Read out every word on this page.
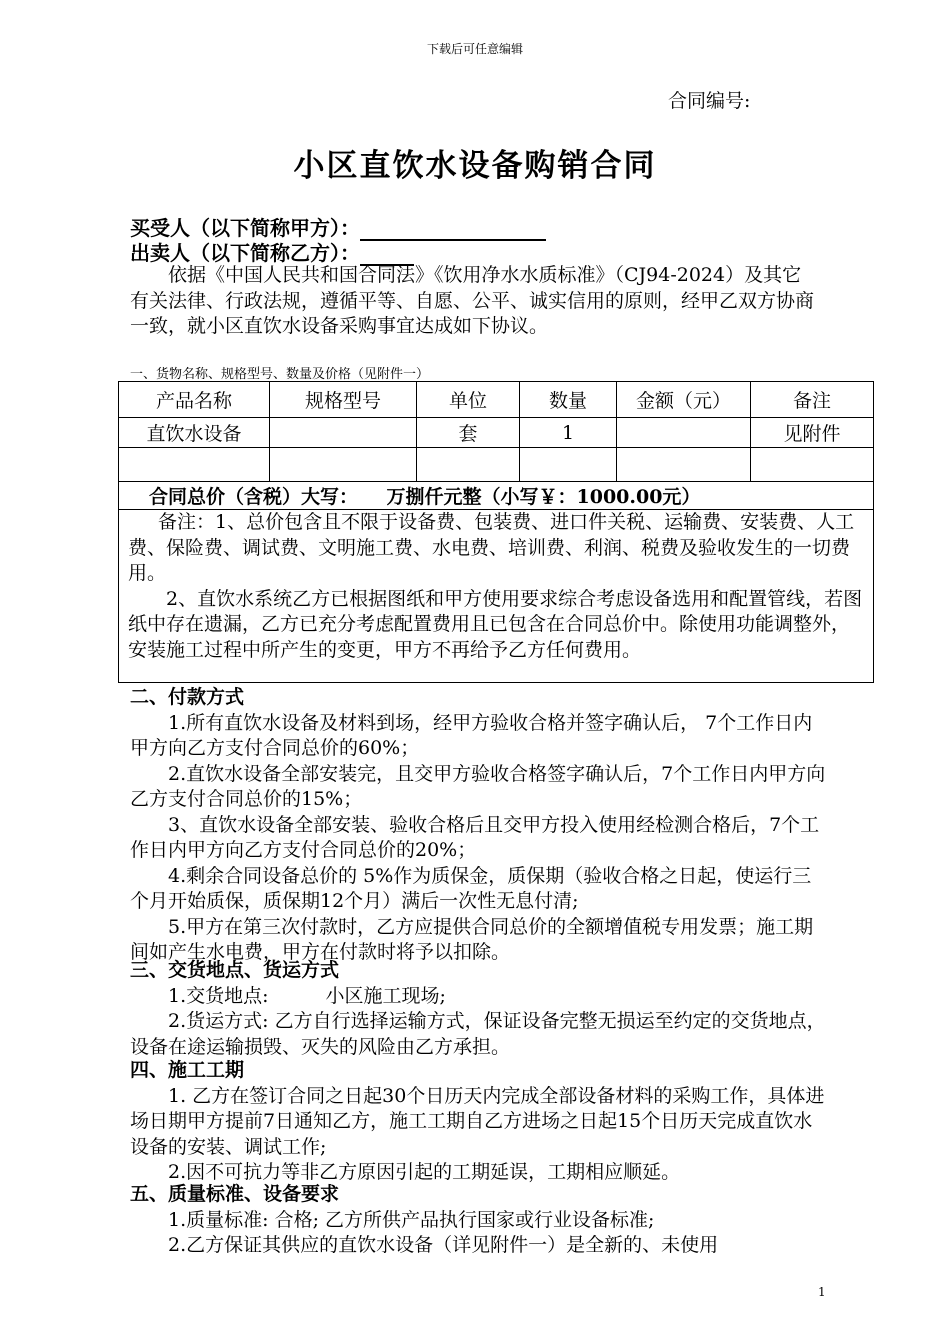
下载后可任意编辑
合同编号:
小区直饮水设备购销合同
买受人（以下简称甲方）：
出卖人（以下简称乙方）：

依据《中国人民共和国合同法》《饮用净水水质标准》（CJ94-2024）及其它有关法律、行政法规，遵循平等、自愿、公平、诚实信用的原则，经甲乙双方协商一致，就小区直饮水设备采购事宜达成如下协议。

一、货物名称、规格型号、数量及价格（见附件一）
产品名称	规格型号	单位	数量	金额（元）	备注
直饮水设备		套	1		见附件

合同总价（含税）大写：　　万捌仟元整（小写￥：1000.00元）					

备注：1、总价包含且不限于设备费、包装费、进口件关税、运输费、安装费、人工费、保险费、调试费、文明施工费、水电费、培训费、利润、税费及验收发生的一切费用。

2、直饮水系统乙方已根据图纸和甲方使用要求综合考虑设备选用和配置管线，若图纸中存在遗漏，乙方已充分考虑配置费用且已包含在合同总价中。除使用功能调整外，安装施工过程中所产生的变更，甲方不再给予乙方任何费用。

二、付款方式

1.所有直饮水设备及材料到场，经甲方验收合格并签字确认后， 7个工作日内甲方向乙方支付合同总价的60%；

2.直饮水设备全部安装完，且交甲方验收合格签字确认后，7个工作日内甲方向乙方支付合同总价的15%；

3、直饮水设备全部安装、验收合格后且交甲方投入使用经检测合格后，7个工作日内甲方向乙方支付合同总价的20%；

4.剩余合同设备总价的 5%作为质保金，质保期（验收合格之日起，使运行三个月开始质保，质保期12个月）满后一次性无息付清;

5.甲方在第三次付款时，乙方应提供合同总价的全额增值税专用发票；施工期间如产生水电费，甲方在付款时将予以扣除。

三、交货地点、货运方式

1.交货地点:　　　小区施工现场;

2.货运方式: 乙方自行选择运输方式，保证设备完整无损运至约定的交货地点，设备在途运输损毁、灭失的风险由乙方承担。

四、施工工期

1. 乙方在签订合同之日起30个日历天内完成全部设备材料的采购工作，具体进场日期甲方提前7日通知乙方，施工工期自乙方进场之日起15个日历天完成直饮水设备的安装、调试工作;

2.因不可抗力等非乙方原因引起的工期延误，工期相应顺延。

五、质量标准、设备要求

1.质量标准: 合格; 乙方所供产品执行国家或行业设备标准;

2.乙方保证其供应的直饮水设备（详见附件一）是全新的、未使用

1
